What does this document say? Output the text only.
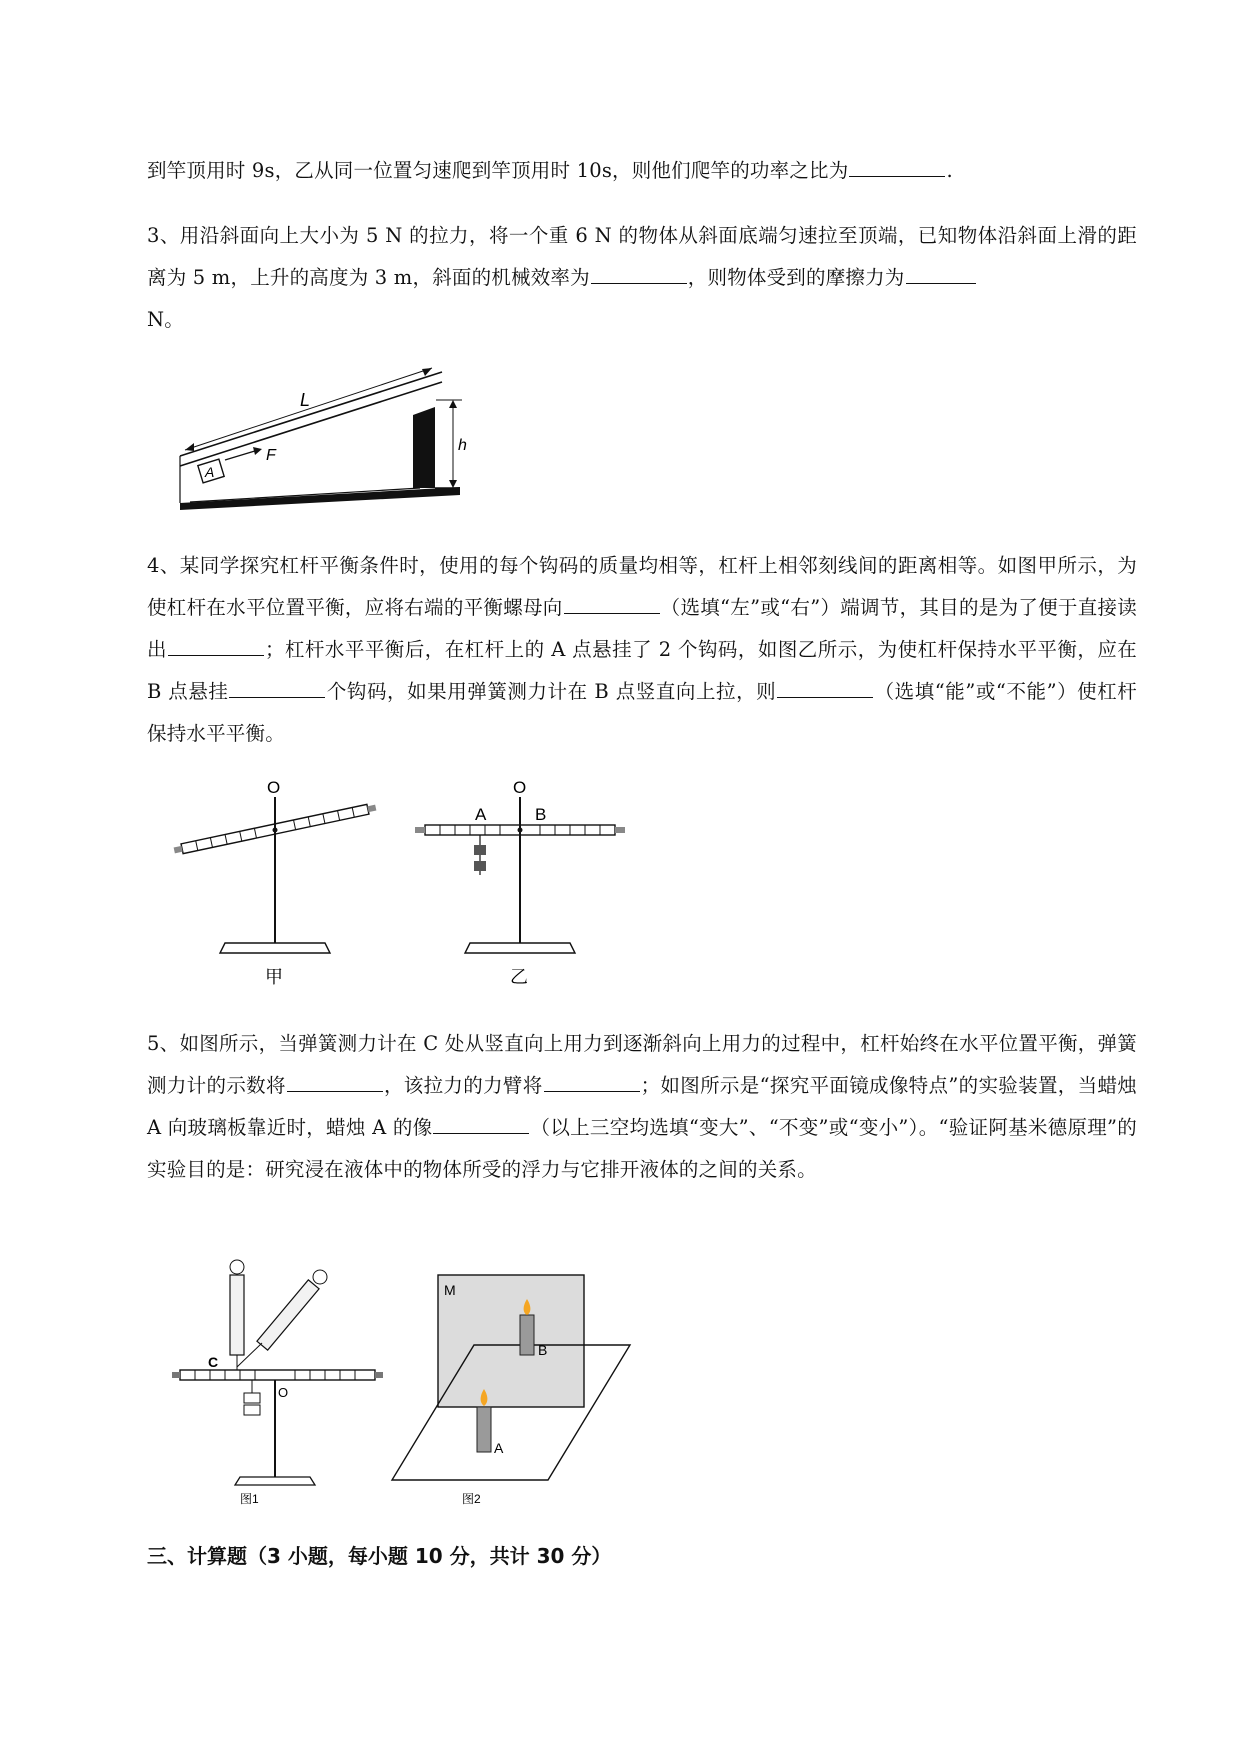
到竿顶用时 9s，乙从同一位置匀速爬到竿顶用时 10s，则他们爬竿的功率之比为	.
3、用沿斜面向上大小为 5 N 的拉力，将一个重 6 N 的物体从斜面底端匀速拉至顶端，已知物体沿斜面上滑的距离为 5 m，上升的高度为 3 m，斜面的机械效率为	，则物体受到的摩擦力为
N。
L
A
F
h
4、某同学探究杠杆平衡条件时，使用的每个钩码的质量均相等，杠杆上相邻刻线间的距离相等。如图甲所示，为使杠杆在水平位置平衡，应将右端的平衡螺母向	（选填“左”或“右”）端调节，其目的是为了便于直接读出	；杠杆水平平衡后，在杠杆上的 A 点悬挂了 2 个钩码，如图乙所示，为使杠杆保持水平平衡，应在 B 点悬挂	个钩码，如果用弹簧测力计在 B 点竖直向上拉，则	（选填“能”或“不能”）使杠杆保持水平平衡。
O
甲
O
A	B
乙
5、如图所示，当弹簧测力计在 C 处从竖直向上用力到逐渐斜向上用力的过程中，杠杆始终在水平位置平衡，弹簧测力计的示数将	，该拉力的力臂将	；如图所示是“探究平面镜成像特点”的实验装置，当蜡烛 A 向玻璃板靠近时，蜡烛 A 的像	（以上三空均选填“变大”、“不变”或“变小”）。“验证阿基米德原理”的实验目的是：研究浸在液体中的物体所受的浮力与它排开液体的之间的关系。
C
O
图1
M
B
A
图2
三、计算题（3 小题，每小题 10 分，共计 30 分）
